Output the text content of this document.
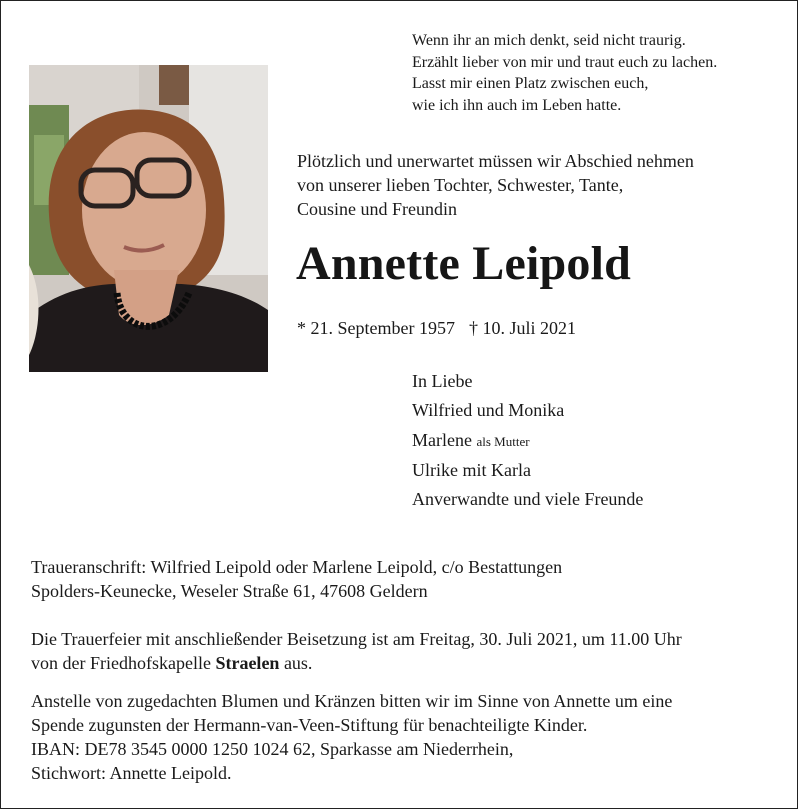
Wenn ihr an mich denkt, seid nicht traurig.
Erzählt lieber von mir und traut euch zu lachen.
Lasst mir einen Platz zwischen euch,
wie ich ihn auch im Leben hatte.
Plötzlich und unerwartet müssen wir Abschied nehmen
von unserer lieben Tochter, Schwester, Tante,
Cousine und Freundin
Annette Leipold
* 21. September 1957 † 10. Juli 2021
In Liebe
Wilfried und Monika
Marlene als Mutter
Ulrike mit Karla
Anverwandte und viele Freunde
Traueranschrift: Wilfried Leipold oder Marlene Leipold, c/o Bestattungen
Spolders-Keunecke, Weseler Straße 61, 47608 Geldern
Die Trauerfeier mit anschließender Beisetzung ist am Freitag, 30. Juli 2021, um 11.00 Uhr
von der Friedhofskapelle Straelen aus.
Anstelle von zugedachten Blumen und Kränzen bitten wir im Sinne von Annette um eine
Spende zugunsten der Hermann-van-Veen-Stiftung für benachteiligte Kinder.
IBAN: DE78 3545 0000 1250 1024 62, Sparkasse am Niederrhein,
Stichwort: Annette Leipold.
